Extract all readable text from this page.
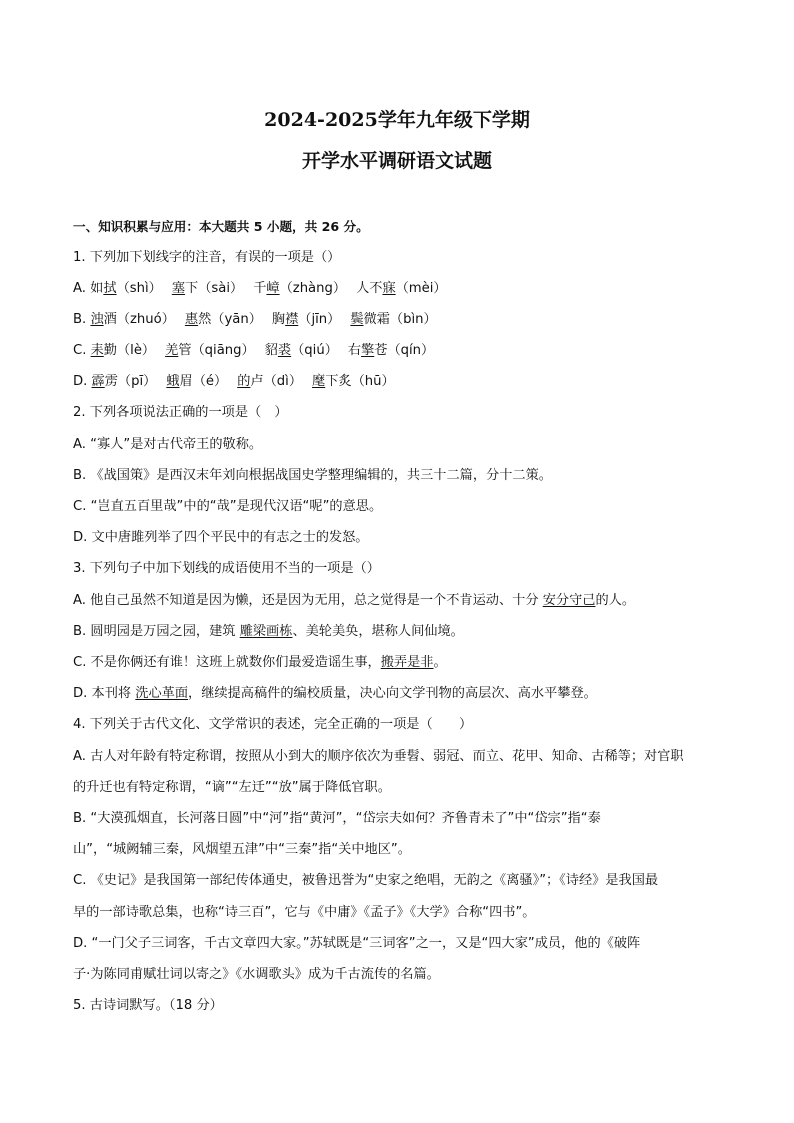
2024-2025学年九年级下学期
开学水平调研语文试题
一、知识积累与应用：本大题共 5 小题，共 26 分。
1. 下列加下划线字的注音，有误的一项是（）
A. 如拭（shì） 塞下（sài） 千嶂（zhàng） 人不寐（mèi）
B. 浊酒（zhuó） 惠然（yān） 胸襟（jīn） 鬓微霜（bìn）
C. 耒勤（lè） 羌管（qiāng） 貂裘（qiú） 右擎苍（qín）
D. 霹雳（pī） 蛾眉（é） 的卢（dì） 麾下炙（hū）
2. 下列各项说法正确的一项是（　）
A. “寡人”是对古代帝王的敬称。
B. 《战国策》是西汉末年刘向根据战国史学整理编辑的，共三十二篇，分十二策。
C. “岂直五百里哉”中的“哉”是现代汉语“呢”的意思。
D. 文中唐雎列举了四个平民中的有志之士的发怒。
3. 下列句子中加下划线的成语使用不当的一项是（）
A. 他自己虽然不知道是因为懒，还是因为无用，总之觉得是一个不肯运动、十分 安分守己的人。
B. 圆明园是万园之园，建筑 雕梁画栋、美轮美奂，堪称人间仙境。
C. 不是你俩还有谁！这班上就数你们最爱造谣生事，搬弄是非。
D. 本刊将 洗心革面，继续提高稿件的编校质量，决心向文学刊物的高层次、高水平攀登。
4. 下列关于古代文化、文学常识的表述，完全正确的一项是（　　）
A. 古人对年龄有特定称谓，按照从小到大的顺序依次为垂髫、弱冠、而立、花甲、知命、古稀等；对官职
的升迁也有特定称谓，“谪”“左迁”“放”属于降低官职。
B. “大漠孤烟直，长河落日圆”中“河”指“黄河”，“岱宗夫如何？齐鲁青未了”中“岱宗”指“泰
山”，“城阙辅三秦，风烟望五津”中“三秦”指“关中地区”。
C. 《史记》是我国第一部纪传体通史，被鲁迅誉为“史家之绝唱，无韵之《离骚》”；《诗经》是我国最
早的一部诗歌总集，也称“诗三百”，它与《中庸》《孟子》《大学》合称“四书”。
D. “一门父子三词客，千古文章四大家。”苏轼既是“三词客”之一，又是“四大家”成员，他的《破阵
子·为陈同甫赋壮词以寄之》《水调歌头》成为千古流传的名篇。
5. 古诗词默写。（18 分）
